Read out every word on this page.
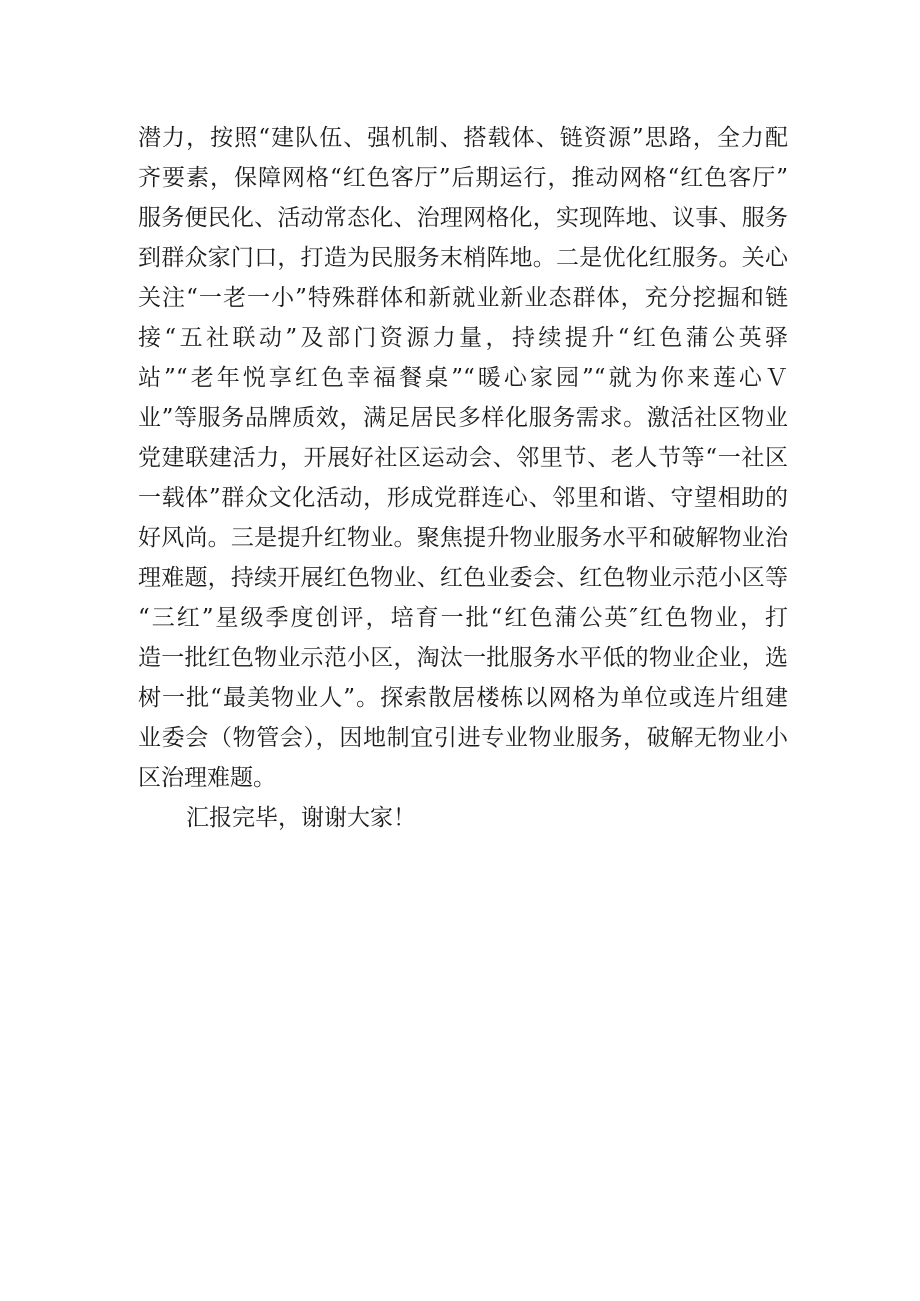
潜力，按照“建队伍、强机制、搭载体、链资源”思路，全力配
齐要素，保障网格“红色客厅”后期运行，推动网格“红色客厅”
服务便民化、活动常态化、治理网格化，实现阵地、议事、服务
到群众家门口，打造为民服务末梢阵地。二是优化红服务。关心
关注“一老一小”特殊群体和新就业新业态群体，充分挖掘和链
接“五社联动”及部门资源力量，持续提升“红色蒲公英驿
站”“老年悦享红色幸福餐桌”“暖心家园”“就为你来莲心Ｖ
业”等服务品牌质效，满足居民多样化服务需求。激活社区物业
党建联建活力，开展好社区运动会、邻里节、老人节等“一社区
一载体”群众文化活动，形成党群连心、邻里和谐、守望相助的
好风尚。三是提升红物业。聚焦提升物业服务水平和破解物业治
理难题，持续开展红色物业、红色业委会、红色物业示范小区等
“三红”星级季度创评，培育一批“红色蒲公英″红色物业，打
造一批红色物业示范小区，淘汰一批服务水平低的物业企业，选
树一批“最美物业人”。探索散居楼栋以网格为单位或连片组建
业委会（物管会），因地制宜引进专业物业服务，破解无物业小
区治理难题。
汇报完毕，谢谢大家！
